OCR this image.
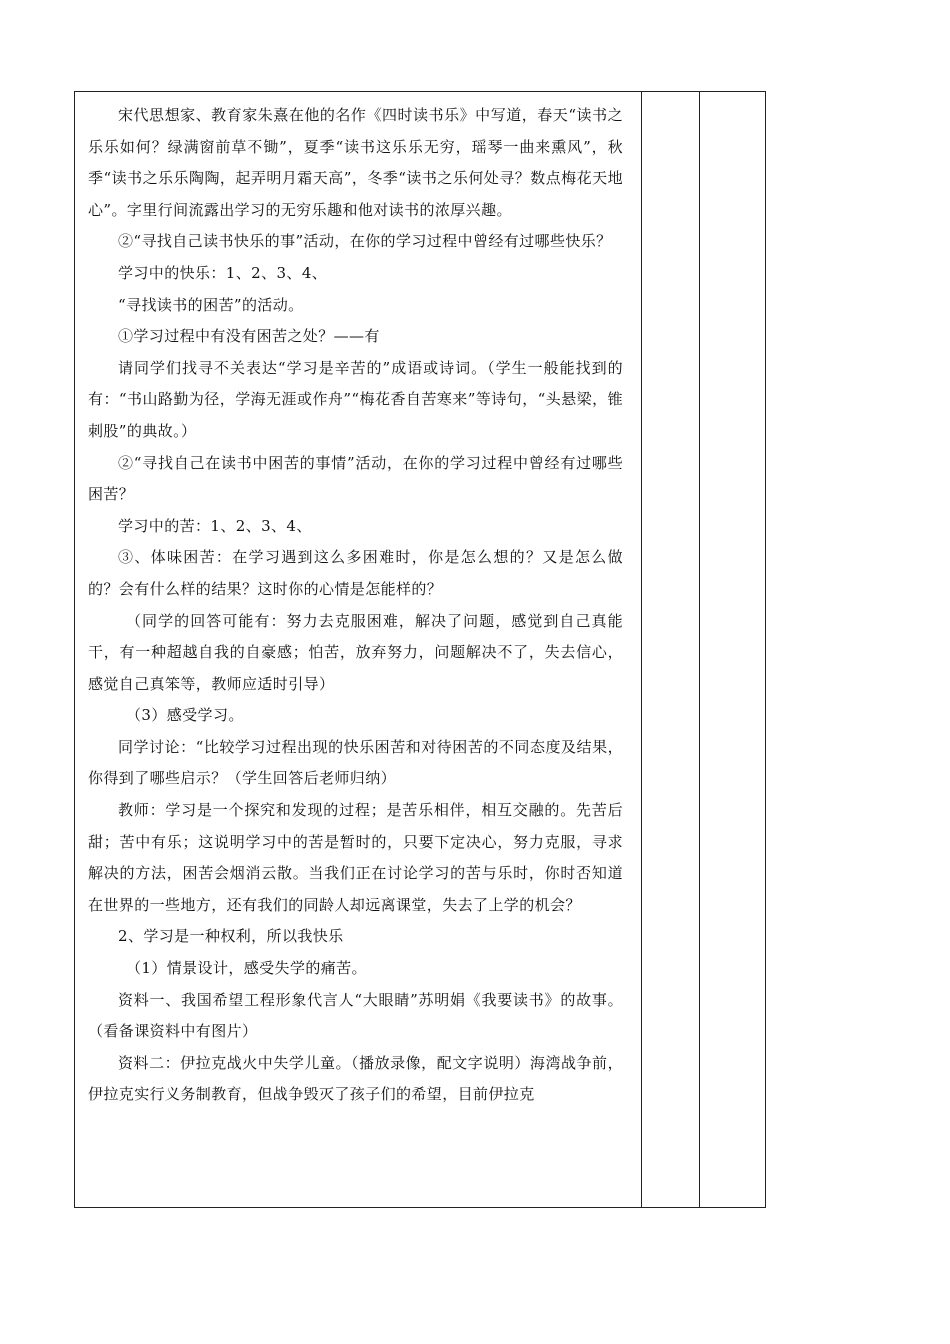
宋代思想家、教育家朱熹在他的名作《四时读书乐》中写道，春天“读书之乐乐如何？绿满窗前草不锄”，夏季“读书这乐乐无穷，瑶琴一曲来熏风”，秋季“读书之乐乐陶陶，起弄明月霜天高”，冬季“读书之乐何处寻？数点梅花天地心”。字里行间流露出学习的无穷乐趣和他对读书的浓厚兴趣。

②“寻找自己读书快乐的事”活动，在你的学习过程中曾经有过哪些快乐？

学习中的快乐：1、2、3、4、

“寻找读书的困苦”的活动。

①学习过程中有没有困苦之处？——有

请同学们找寻不关表达“学习是辛苦的”成语或诗词。（学生一般能找到的有：“书山路勤为径，学海无涯或作舟”“梅花香自苦寒来”等诗句，“头悬梁，锥刺股”的典故。）

②“寻找自己在读书中困苦的事情”活动，在你的学习过程中曾经有过哪些困苦？

学习中的苦：1、2、3、4、

③、体味困苦：在学习遇到这么多困难时，你是怎么想的？又是怎么做的？会有什么样的结果？这时你的心情是怎能样的？

（同学的回答可能有：努力去克服困难，解决了问题，感觉到自己真能干，有一种超越自我的自豪感；怕苦，放弃努力，问题解决不了，失去信心，感觉自己真笨等，教师应适时引导）

（3）感受学习。

同学讨论：“比较学习过程出现的快乐困苦和对待困苦的不同态度及结果，你得到了哪些启示？（学生回答后老师归纳）

教师：学习是一个探究和发现的过程；是苦乐相伴，相互交融的。先苦后甜；苦中有乐；这说明学习中的苦是暂时的，只要下定决心，努力克服，寻求解决的方法，困苦会烟消云散。当我们正在讨论学习的苦与乐时，你时否知道在世界的一些地方，还有我们的同龄人却远离课堂，失去了上学的机会？

2、学习是一种权利，所以我快乐

（1）情景设计，感受失学的痛苦。

资料一、我国希望工程形象代言人“大眼睛”苏明娟《我要读书》的故事。（看备课资料中有图片）

资料二：伊拉克战火中失学儿童。（播放录像，配文字说明）海湾战争前，伊拉克实行义务制教育，但战争毁灭了孩子们的希望，目前伊拉克
